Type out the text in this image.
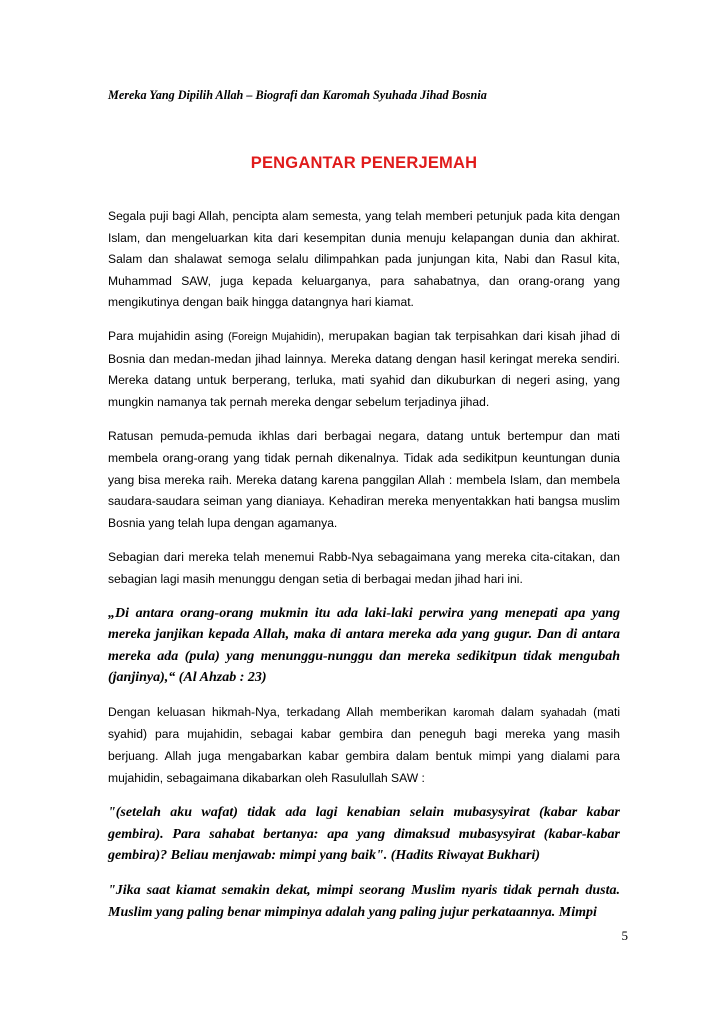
Mereka Yang Dipilih Allah – Biografi dan Karomah Syuhada Jihad Bosnia
PENGANTAR PENERJEMAH

Segala puji bagi Allah, pencipta alam semesta, yang telah memberi petunjuk pada kita dengan Islam, dan mengeluarkan kita dari kesempitan dunia menuju kelapangan dunia dan akhirat. Salam dan shalawat semoga selalu dilimpahkan pada junjungan kita, Nabi dan Rasul kita, Muhammad SAW, juga kepada keluarganya, para sahabatnya, dan orang-orang yang mengikutinya dengan baik hingga datangnya hari kiamat.

Para mujahidin asing (Foreign Mujahidin), merupakan bagian tak terpisahkan dari kisah jihad di Bosnia dan medan-medan jihad lainnya. Mereka datang dengan hasil keringat mereka sendiri. Mereka datang untuk berperang, terluka, mati syahid dan dikuburkan di negeri asing, yang mungkin namanya tak pernah mereka dengar sebelum terjadinya jihad.

Ratusan pemuda-pemuda ikhlas dari berbagai negara, datang untuk bertempur dan mati membela orang-orang yang tidak pernah dikenalnya. Tidak ada sedikitpun keuntungan dunia yang bisa mereka raih. Mereka datang karena panggilan Allah : membela Islam, dan membela saudara-saudara seiman yang dianiaya. Kehadiran mereka menyentakkan hati bangsa muslim Bosnia yang telah lupa dengan agamanya.

Sebagian dari mereka telah menemui Rabb-Nya sebagaimana yang mereka cita-citakan, dan sebagian lagi masih menunggu dengan setia di berbagai medan jihad hari ini.

„Di antara orang-orang mukmin itu ada laki-laki perwira yang menepati apa yang mereka janjikan kepada Allah, maka di antara mereka ada yang gugur. Dan di antara mereka ada (pula) yang menunggu-nunggu dan mereka sedikitpun tidak mengubah (janjinya),“ (Al Ahzab : 23)

Dengan keluasan hikmah-Nya, terkadang Allah memberikan karomah dalam syahadah (mati syahid) para mujahidin, sebagai kabar gembira dan peneguh bagi mereka yang masih berjuang. Allah juga mengabarkan kabar gembira dalam bentuk mimpi yang dialami para mujahidin, sebagaimana dikabarkan oleh Rasulullah SAW :

"(setelah aku wafat) tidak ada lagi kenabian selain mubasysyirat (kabar kabar gembira). Para sahabat bertanya: apa yang dimaksud mubasysyirat (kabar-kabar gembira)? Beliau menjawab: mimpi yang baik". (Hadits Riwayat Bukhari)

"Jika saat kiamat semakin dekat, mimpi seorang Muslim nyaris tidak pernah dusta. Muslim yang paling benar mimpinya adalah yang paling jujur perkataannya. Mimpi

5
